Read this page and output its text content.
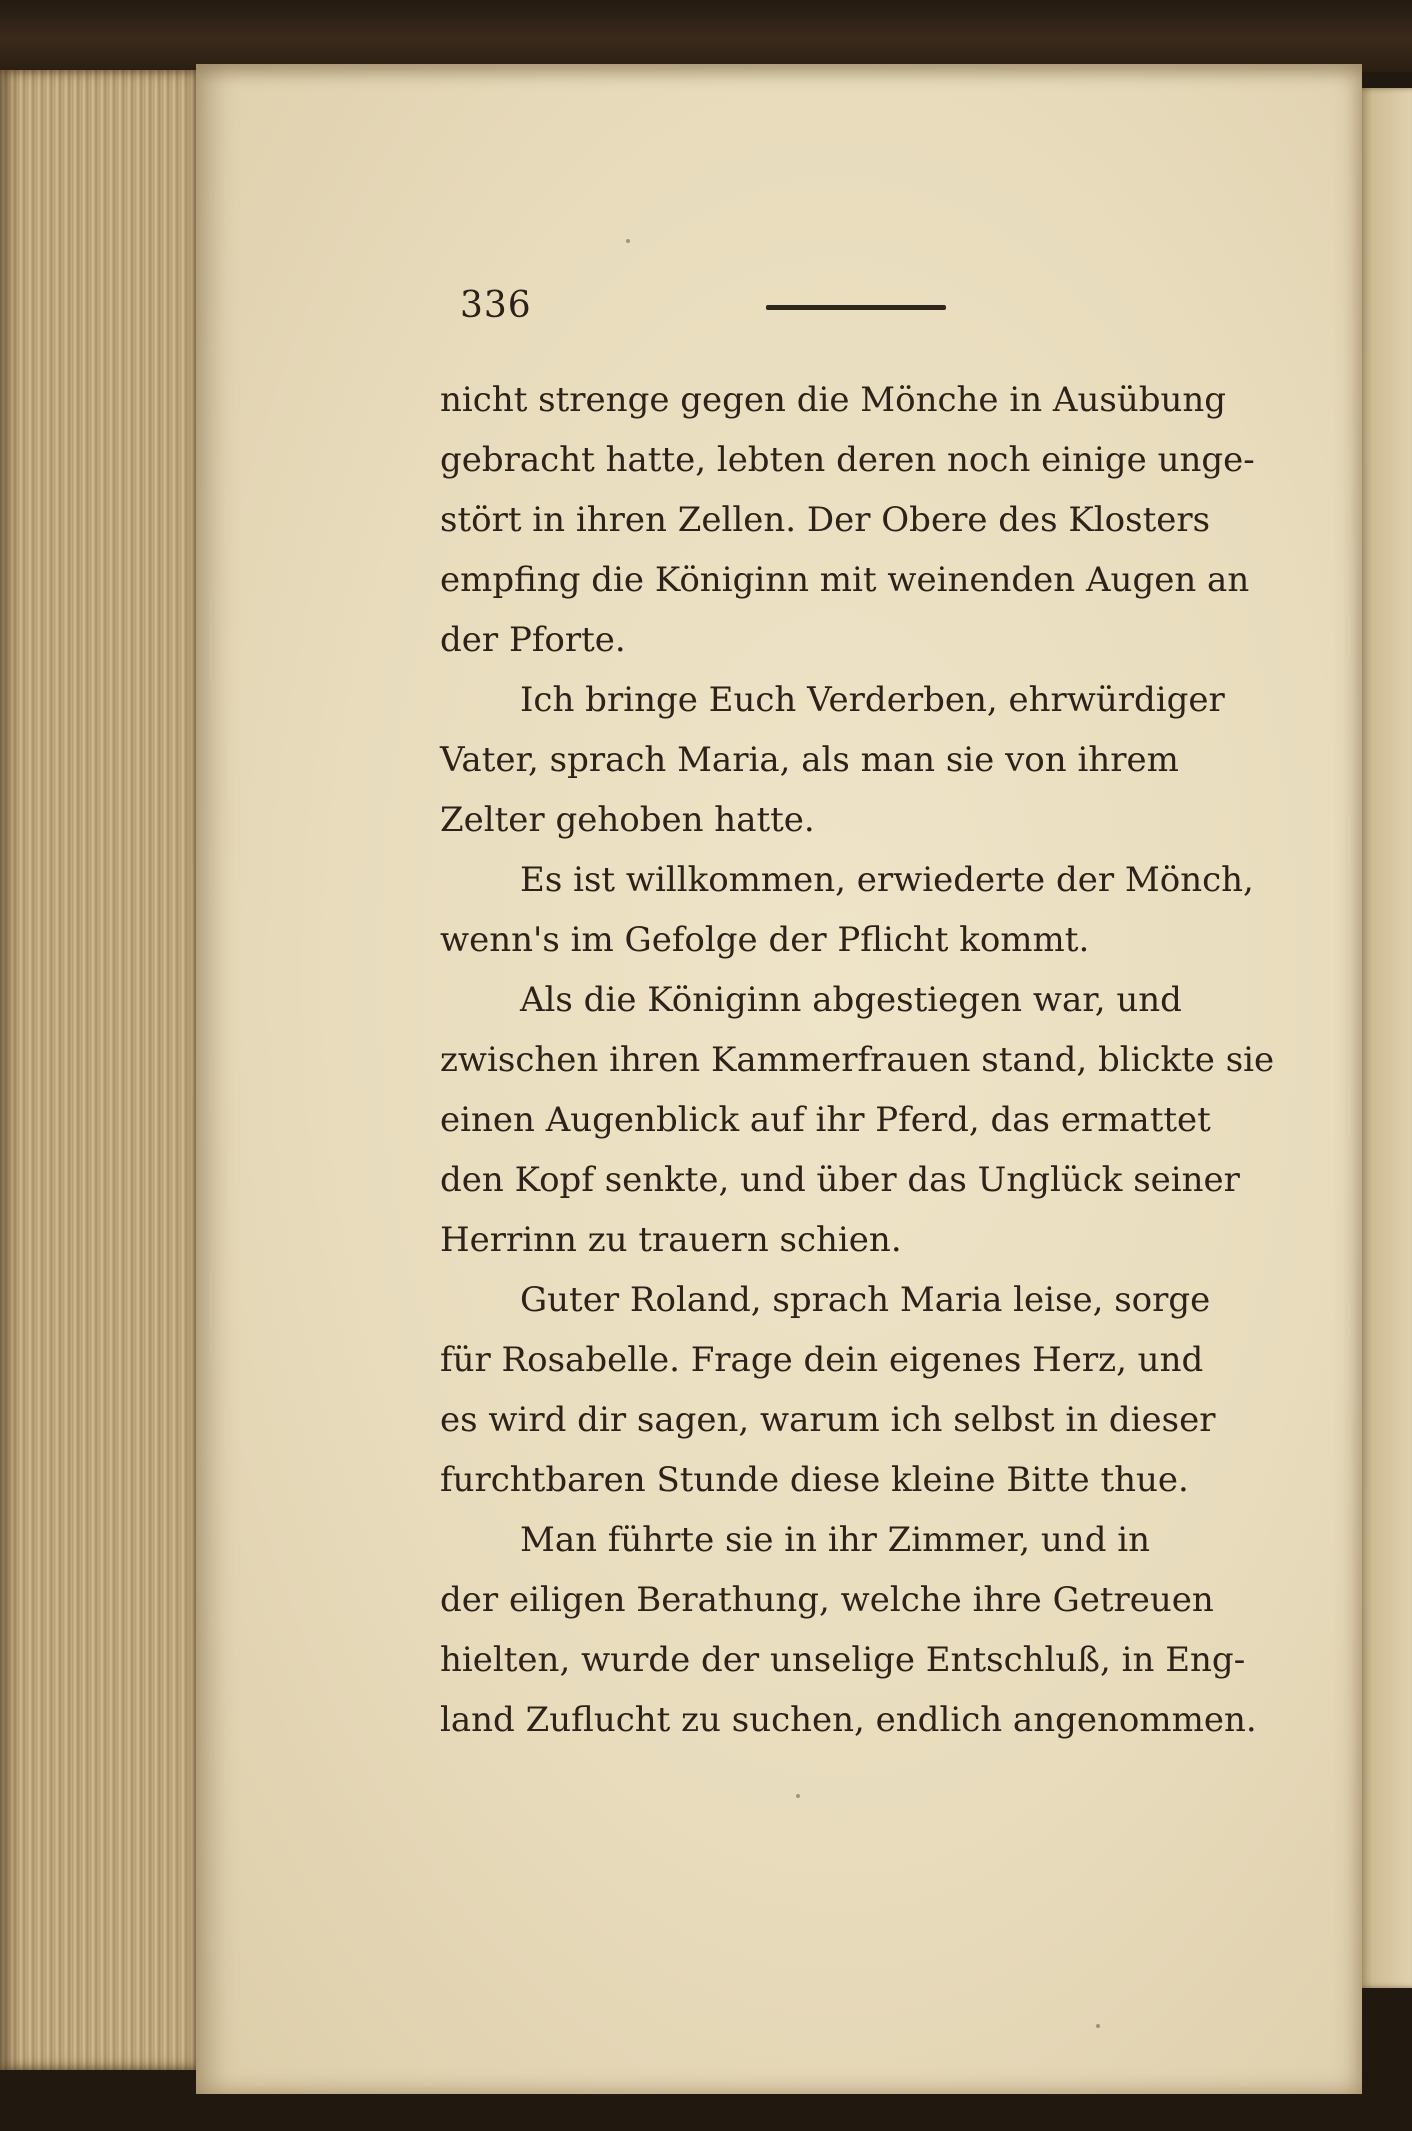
336

nicht strenge gegen die Mönche in Ausübung
gebracht hatte, lebten deren noch einige unge-
stört in ihren Zellen. Der Obere des Klosters
empfing die Königinn mit weinenden Augen an
der Pforte.

Ich bringe Euch Verderben, ehrwürdiger
Vater, sprach Maria, als man sie von ihrem
Zelter gehoben hatte.

Es ist willkommen, erwiederte der Mönch,
wenn's im Gefolge der Pflicht kommt.

Als die Königinn abgestiegen war, und
zwischen ihren Kammerfrauen stand, blickte sie
einen Augenblick auf ihr Pferd, das ermattet
den Kopf senkte, und über das Unglück seiner
Herrinn zu trauern schien.

Guter Roland, sprach Maria leise, sorge
für Rosabelle. Frage dein eigenes Herz, und
es wird dir sagen, warum ich selbst in dieser
furchtbaren Stunde diese kleine Bitte thue.

Man führte sie in ihr Zimmer, und in
der eiligen Berathung, welche ihre Getreuen
hielten, wurde der unselige Entschluß, in Eng-
land Zuflucht zu suchen, endlich angenommen.
